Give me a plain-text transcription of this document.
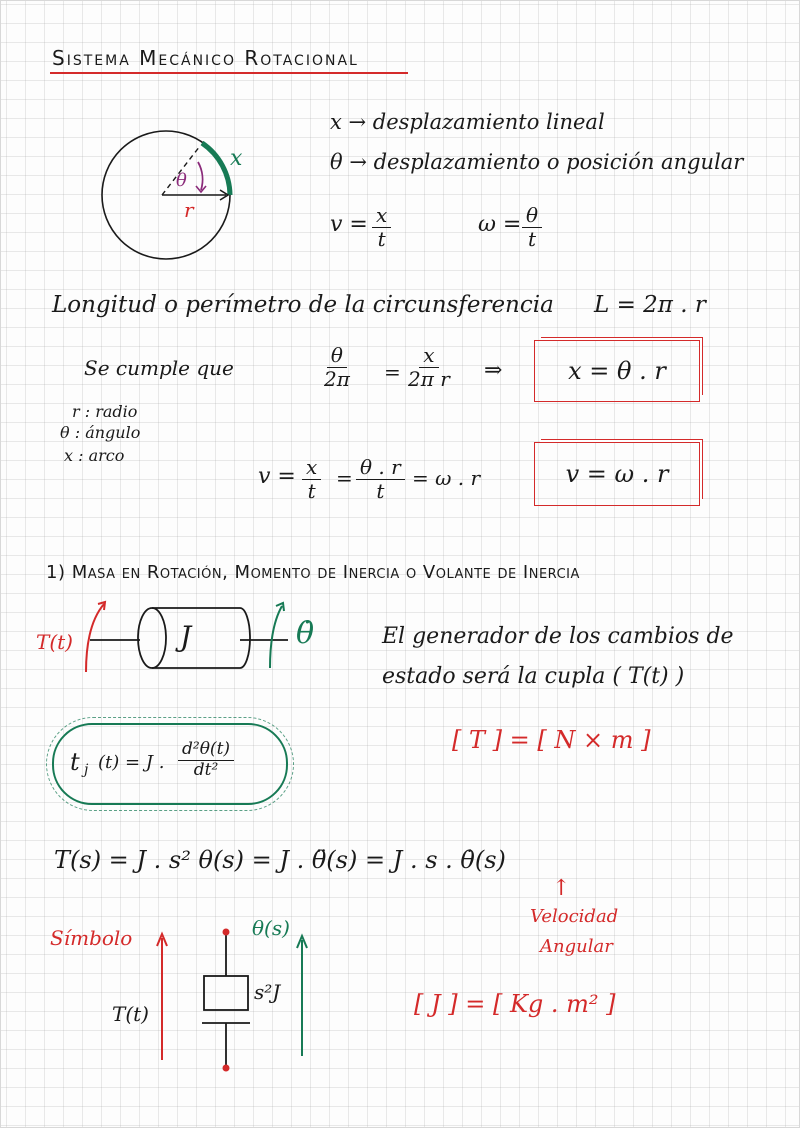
Sistema Mecánico Rotacional
x
θ
r
x → desplazamiento lineal
θ → desplazamiento o posición angular
$v = \frac{x}{t}$	$\omega = \frac{\theta}{t}$
Longitud o perímetro de la circunsferencia L = 2π . r
Se cumple que	$\frac{\theta}{2\pi} = \frac{x}{\text{2π r}}$ ⇒	x = θ . r
r : radio
θ : ángulo
x : arco
$v = \frac{x}{t} = \frac{\theta . r}{t} = \omega$ . r	v = ω . r
1) Masa en Rotación, Momento de Inercia o Volante de Inercia
T(t)	J	θ̇	El generador de los cambios de
estado será la cupla ( T(t) )
[ T ] = [ N × m ]
t j (t) = J . $\frac{\text{d²θ(t)}}{\text{dt²}}$
T(s) = J . s² θ(s) = J . θ̈(s) = J . s . θ̇(s)
↑
Velocidad
Angular
Símbolo	θ(s)
T(t)
s²J	[ J ] = [ Kg . m² ]
